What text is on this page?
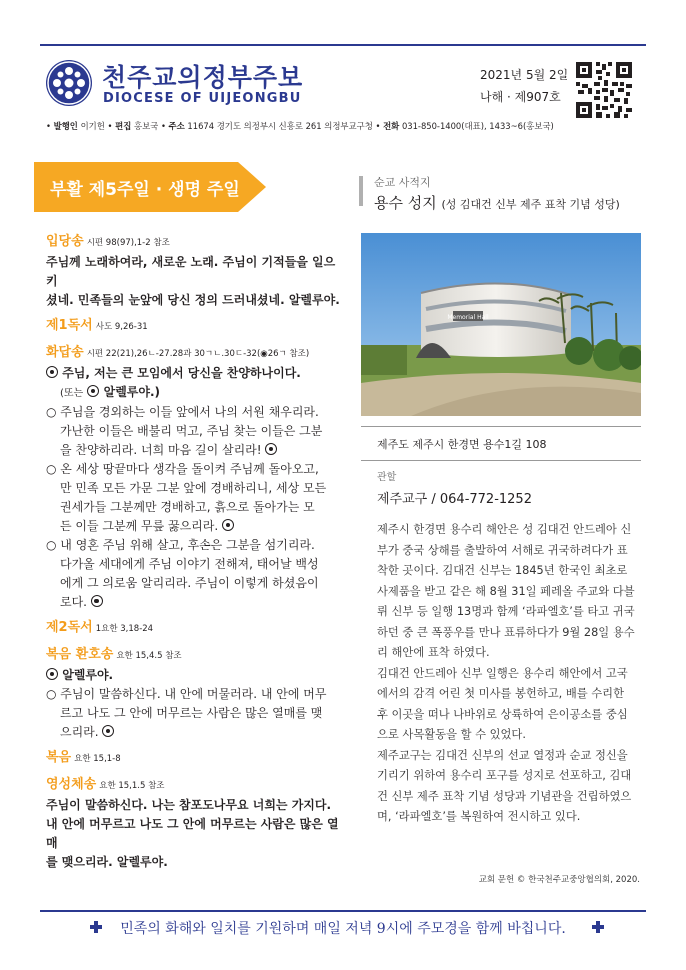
천주교의정부주보
DIOCESE OF UIJEONGBU
2021년 5월 2일
나해 · 제907호
• 발행인 이기헌 • 편집 홍보국 • 주소 11674 경기도 의정부시 신흥로 261 의정부교구청 • 전화 031-850-1400(대표), 1433~6(홍보국)
부활 제5주일 · 생명 주일
입당송 시편 98(97),1-2 참조
주님께 노래하여라, 새로운 노래. 주님이 기적들을 일으키
셨네. 민족들의 눈앞에 당신 정의 드러내셨네. 알렐루야.
제1독서 사도 9,26-31
화답송 시편 22(21),26ㄴ-27.28과 30ㄱㄴ.30ㄷ-32(◉26ㄱ 참조)
주님, 저는 큰 모임에서 당신을 찬양하나이다.
(또는 알렐루야.)
○ 주님을 경외하는 이들 앞에서 나의 서원 채우리라.
가난한 이들은 배불리 먹고, 주님 찾는 이들은 그분
을 찬양하리라. 너희 마음 길이 살리라!
○ 온 세상 땅끝마다 생각을 돌이켜 주님께 돌아오고,
만 민족 모든 가문 그분 앞에 경배하리니, 세상 모든
권세가들 그분께만 경배하고, 흙으로 돌아가는 모
든 이들 그분께 무릎 꿇으리라.
○ 내 영혼 주님 위해 살고, 후손은 그분을 섬기리라.
다가올 세대에게 주님 이야기 전해져, 태어날 백성
에게 그 의로움 알리리라. 주님이 이렇게 하셨음이
로다.
제2독서 1요한 3,18-24
복음 환호송 요한 15,4.5 참조
알렐루야.
○ 주님이 말씀하신다. 내 안에 머물러라. 내 안에 머무
르고 나도 그 안에 머무르는 사람은 많은 열매를 맺
으리라.
복음 요한 15,1-8
영성체송 요한 15,1.5 참조
주님이 말씀하신다. 나는 참포도나무요 너희는 가지다.
내 안에 머무르고 나도 그 안에 머무르는 사람은 많은 열매
를 맺으리라. 알렐루야.
순교 사적지
용수 성지 (성 김대건 신부 제주 표착 기념 성당)
Memorial Hall
제주도 제주시 한경면 용수1길 108
관할
제주교구 / 064-772-1252
제주시 한경면 용수리 해안은 성 김대건 안드레아 신
부가 중국 상해를 출발하여 서해로 귀국하려다가 표
착한 곳이다. 김대건 신부는 1845년 한국인 최초로
사제품을 받고 같은 해 8월 31일 페레올 주교와 다블
뤼 신부 등 일행 13명과 함께 ‘라파엘호’를 타고 귀국
하던 중 큰 폭풍우를 만나 표류하다가 9월 28일 용수
리 해안에 표착 하였다.
김대건 안드레아 신부 일행은 용수리 해안에서 고국
에서의 감격 어린 첫 미사를 봉헌하고, 배를 수리한
후 이곳을 떠나 나바위로 상륙하여 은이공소를 중심
으로 사목활동을 할 수 있었다.
제주교구는 김대건 신부의 선교 열정과 순교 정신을
기리기 위하여 용수리 포구를 성지로 선포하고, 김대
건 신부 제주 표착 기념 성당과 기념관을 건립하였으
며, ‘라파엘호’를 복원하여 전시하고 있다.
교회 문헌 © 한국천주교중앙협의회, 2020.
민족의 화해와 일치를 기원하며 매일 저녁 9시에 주모경을 함께 바칩니다.
